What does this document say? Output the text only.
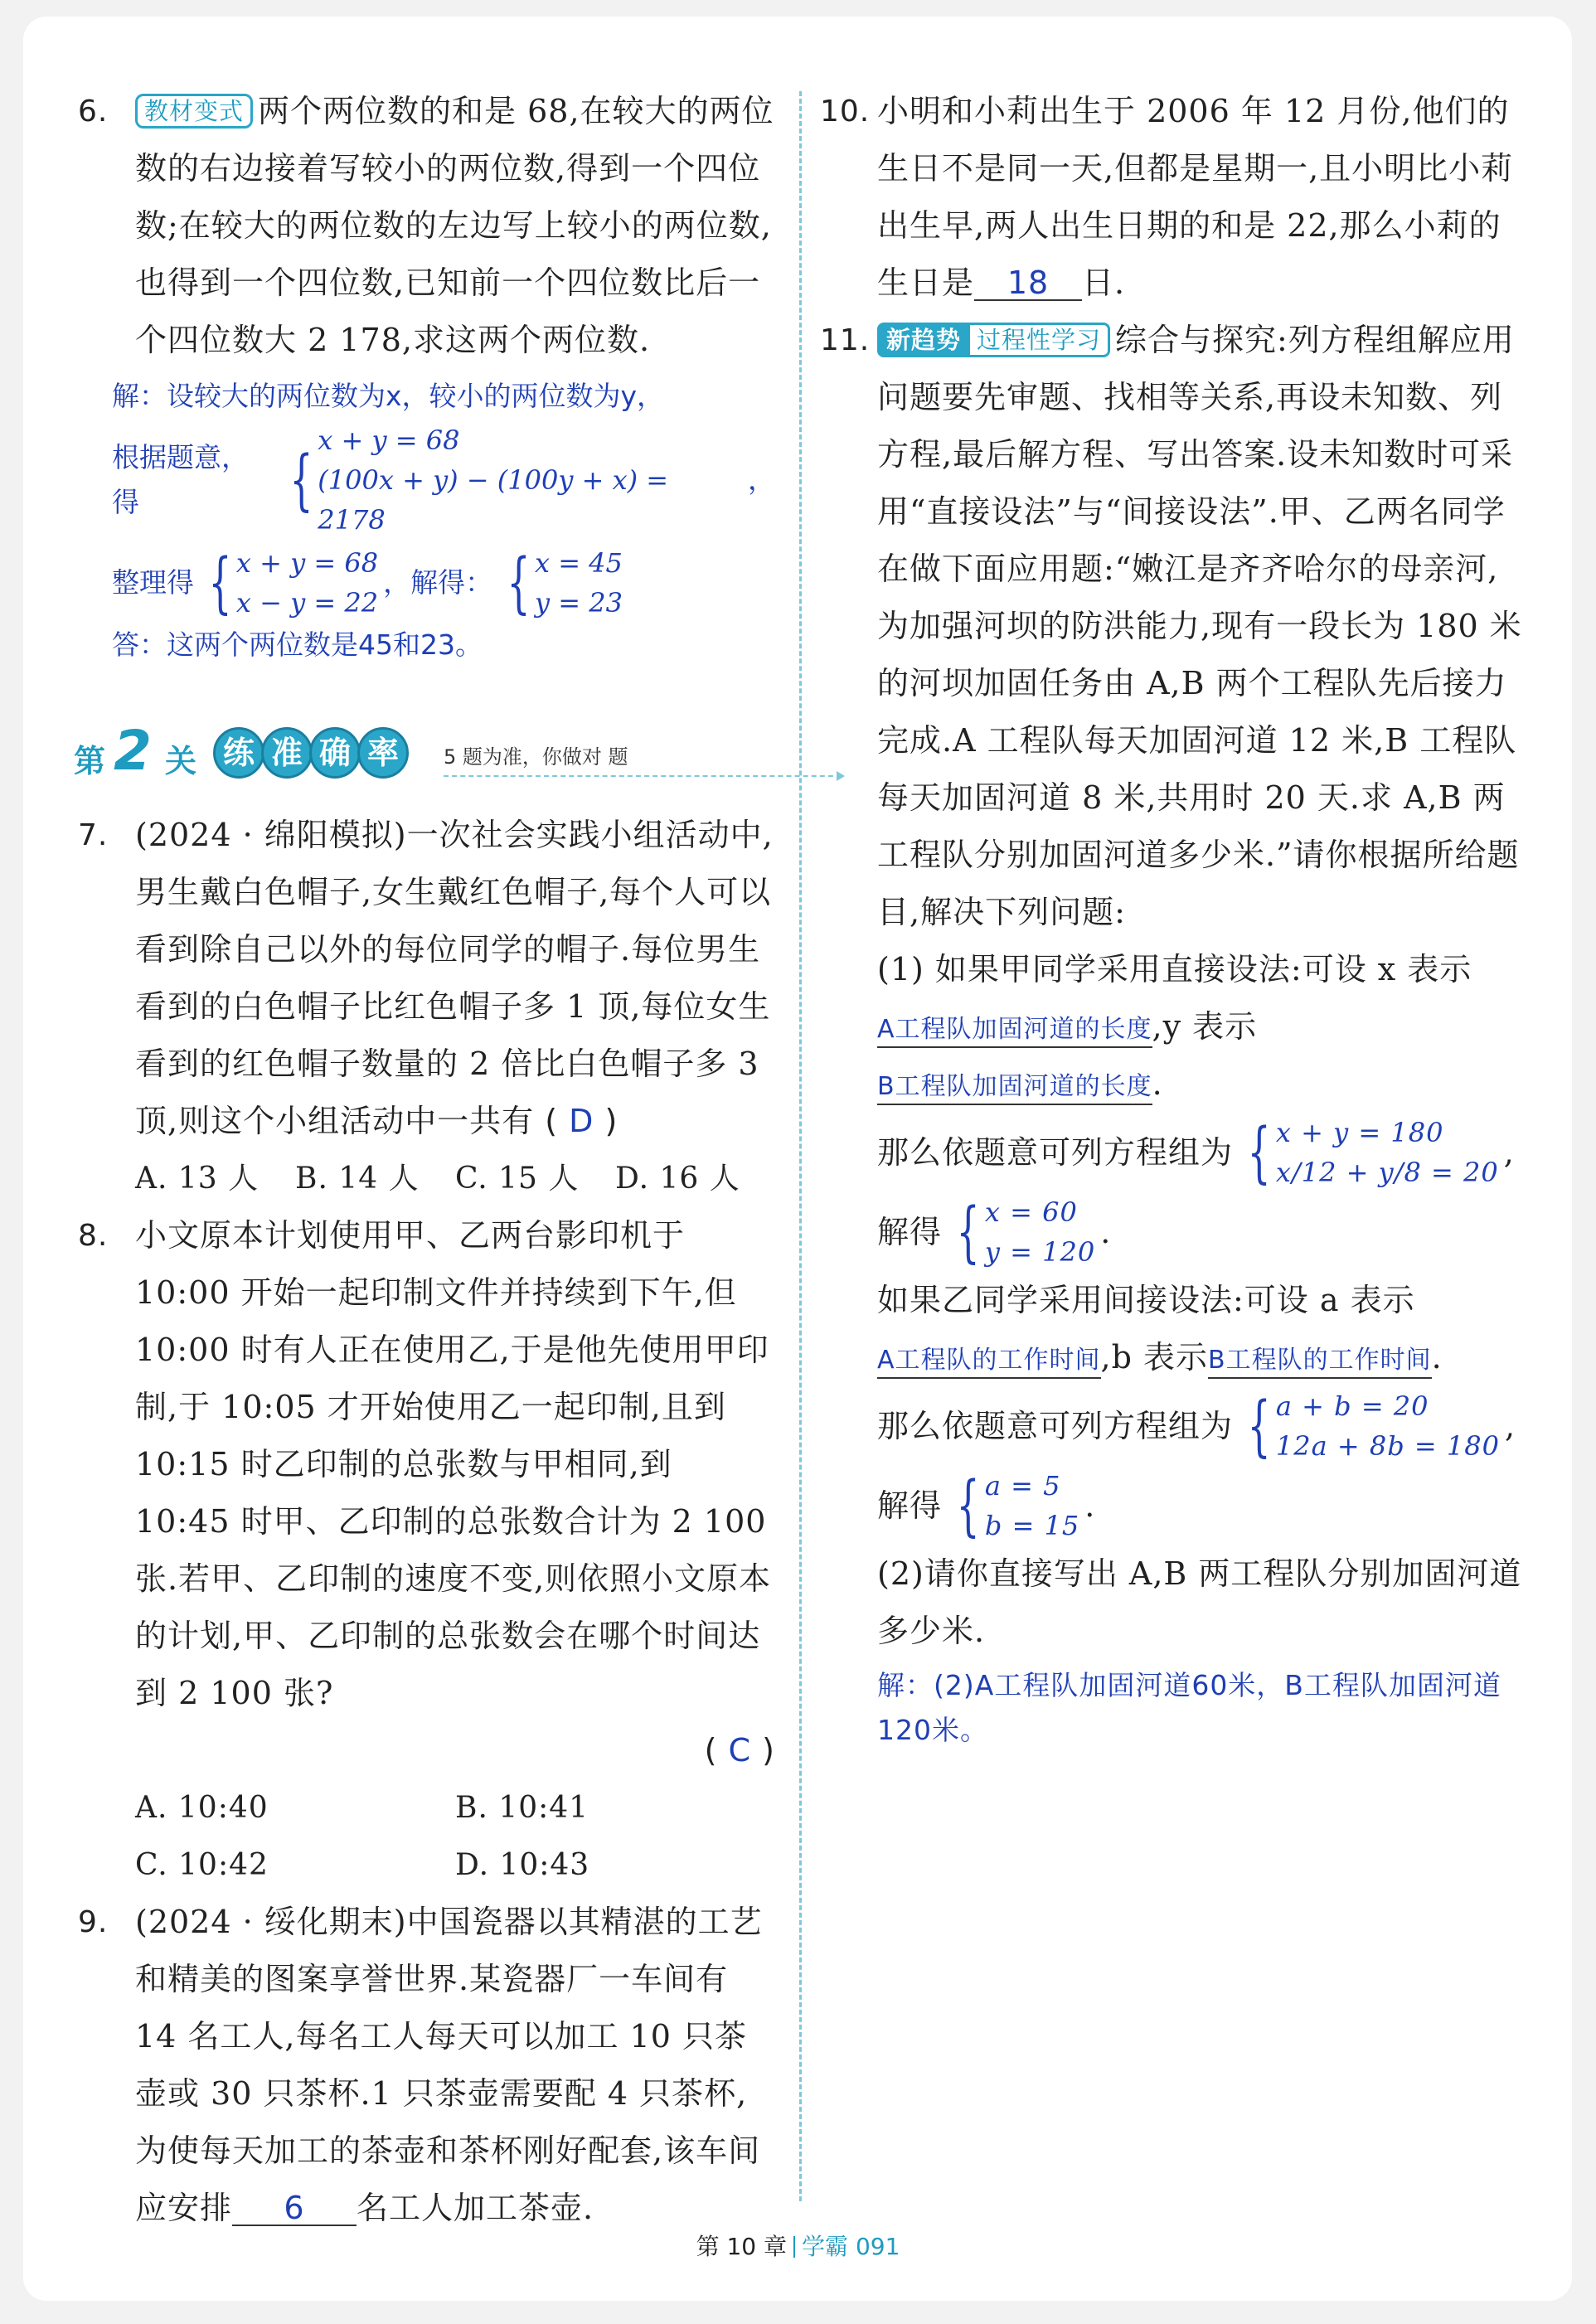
6.	教材变式 两个两位数的和是 68,在较大的两位数的右边接着写较小的两位数,得到一个四位数;在较大的两位数的左边写上较小的两位数,也得到一个四位数,已知前一个四位数比后一个四位数大 2 178,求这两个两位数.
解：设较大的两位数为x，较小的两位数为y，
根据题意，得	{
x + y = 68
(100x + y) − (100y + x) = 2178
，
整理得 { x + y = 68
x − y = 22
，解得： { x = 45
y = 23
答：这两个两位数是45和23。
第 2 关 练 准 确 率	5 题为准，你做对 题
7. (2024 · 绵阳模拟)一次社会实践小组活动中,男生戴白色帽子,女生戴红色帽子,每个人可以看到除自己以外的每位同学的帽子.每位男生看到的白色帽子比红色帽子多 1 顶,每位女生看到的红色帽子数量的 2 倍比白色帽子多 3 顶,则这个小组活动中一共有 ( D )
A. 13 人	B. 14 人	C. 15 人	D. 16 人
8. 小文原本计划使用甲、乙两台影印机于 10:00 开始一起印制文件并持续到下午,但 10:00 时有人正在使用乙,于是他先使用甲印制,于 10:05 才开始使用乙一起印制,且到 10:15 时乙印制的总张数与甲相同,到 10:45 时甲、乙印制的总张数合计为 2 100 张.若甲、乙印制的速度不变,则依照小文原本的计划,甲、乙印制的总张数会在哪个时间达到 2 100 张?
( C )
A. 10:40	B. 10:41
C. 10:42	D. 10:43
9. (2024 · 绥化期末)中国瓷器以其精湛的工艺和精美的图案享誉世界.某瓷器厂一车间有 14 名工人,每名工人每天可以加工 10 只茶壶或 30 只茶杯.1 只茶壶需要配 4 只茶杯,为使每天加工的茶壶和茶杯刚好配套,该车间应安排 6 名工人加工茶壶.
10. 小明和小莉出生于 2006 年 12 月份,他们的生日不是同一天,但都是星期一,且小明比小莉出生早,两人出生日期的和是 22,那么小莉的生日是 18 日.
11. 新趋势 过程性学习 综合与探究:列方程组解应用问题要先审题、找相等关系,再设未知数、列方程,最后解方程、写出答案.设未知数时可采用“直接设法”与“间接设法”.甲、乙两名同学在做下面应用题:“嫩江是齐齐哈尔的母亲河,为加强河坝的防洪能力,现有一段长为 180 米的河坝加固任务由 A,B 两个工程队先后接力完成.A 工程队每天加固河道 12 米,B 工程队每天加固河道 8 米,共用时 20 天.求 A,B 两工程队分别加固河道多少米.”请你根据所给题目,解决下列问题:
(1) 如果甲同学采用直接设法:可设 x 表示A工程队加固河道的长度,y 表示B工程队加固河道的长度.
那么依题意可列方程组为 { x + y = 180
x/12 + y/8 = 20
,
解得 { x = 60
y = 120
.
如果乙同学采用间接设法:可设 a 表示A工程队的工作时间,b 表示B工程队的工作时间.
那么依题意可列方程组为 { a + b = 20
12a + 8b = 180
,
解得 { a = 5
b = 15
.
(2)请你直接写出 A,B 两工程队分别加固河道多少米.
解：(2)A工程队加固河道60米，B工程队加固河道120米。
第 10 章 学霸 091
